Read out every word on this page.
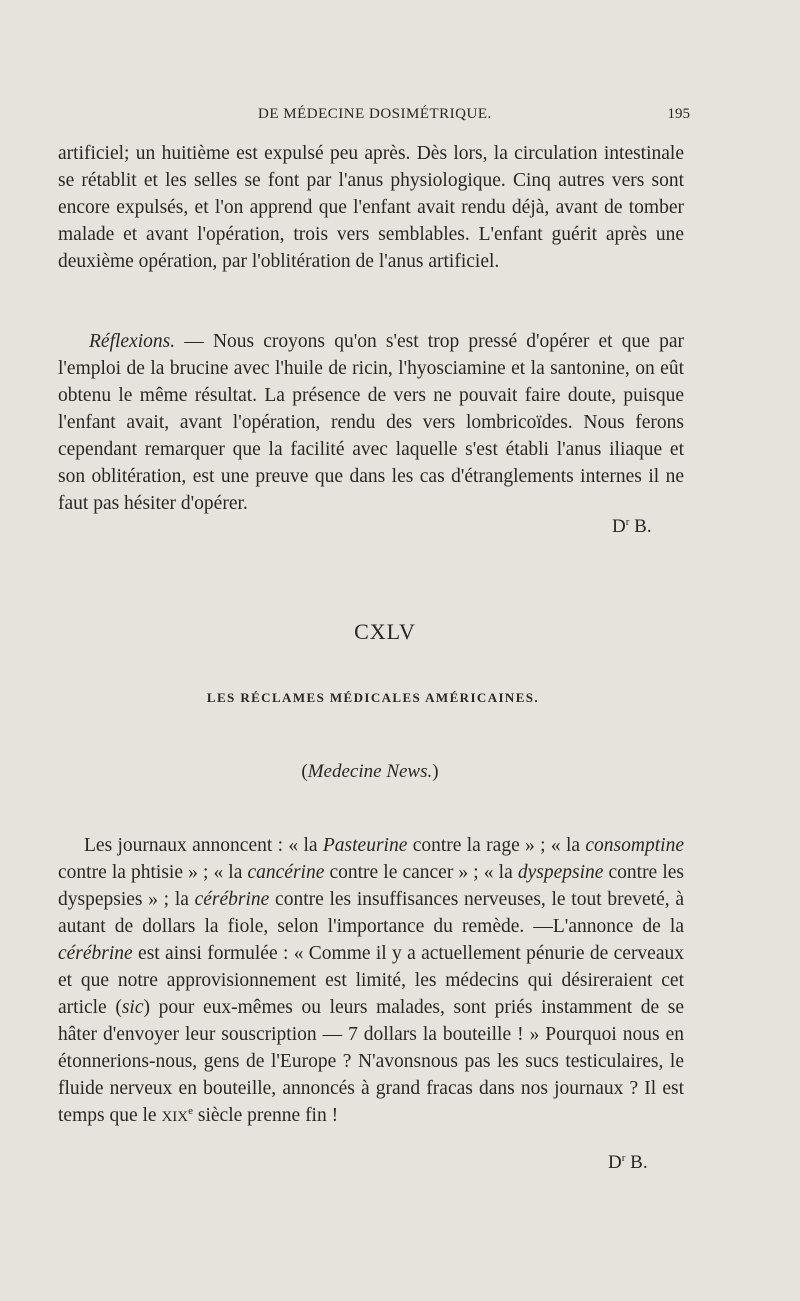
DE MÉDECINE DOSIMÉTRIQUE.	195

artificiel; un huitième est expulsé peu après. Dès lors, la circulation intestinale se rétablit et les selles se font par l'anus physiologique. Cinq autres vers sont encore expulsés, et l'on apprend que l'enfant avait rendu déjà, avant de tomber malade et avant l'opération, trois vers semblables. L'enfant guérit après une deuxième opération, par l'oblitération de l'anus artificiel.

Réflexions. — Nous croyons qu'on s'est trop pressé d'opérer et que par l'emploi de la brucine avec l'huile de ricin, l'hyosciamine et la santonine, on eût obtenu le même résultat. La présence de vers ne pouvait faire doute, puisque l'enfant avait, avant l'opération, rendu des vers lombricoïdes. Nous ferons cependant remarquer que la facilité avec laquelle s'est établi l'anus iliaque et son oblitération, est une preuve que dans les cas d'étranglements internes il ne faut pas hésiter d'opérer.

$D^r$ B.
CXLV
LES RÉCLAMES MÉDICALES AMÉRICAINES.
(Medecine News.)

Les journaux annoncent : « la Pasteurine contre la rage » ; « la consomptine contre la phtisie » ; « la cancérine contre le cancer » ; « la dyspepsine contre les dyspepsies » ; la cérébrine contre les insuffisances nerveuses, le tout breveté, à autant de dollars la fiole, selon l'importance du remède. —L'annonce de la cérébrine est ainsi formulée : « Comme il y a actuellement pénurie de cerveaux et que notre approvisionnement est limité, les médecins qui désireraient cet article (sic) pour eux-mêmes ou leurs malades, sont priés instamment de se hâter d'envoyer leur souscription — 7 dollars la bouteille ! » Pourquoi nous en étonnerions-nous, gens de l'Europe ? N'avonsnous pas les sucs testiculaires, le fluide nerveux en bouteille, annoncés à grand fracas dans nos journaux ? Il est temps que le XIXe siècle prenne fin !

$D^r$ B.
